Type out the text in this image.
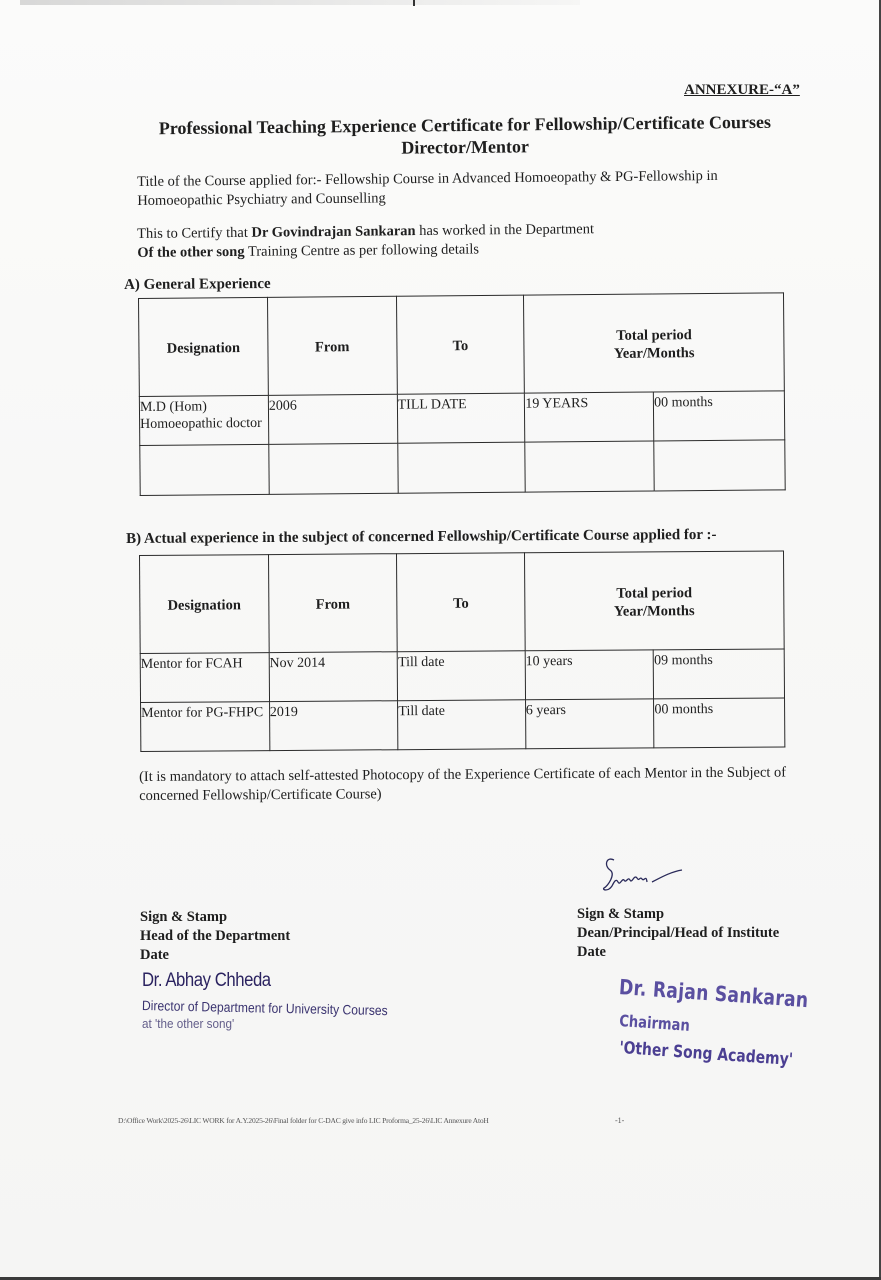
ANNEXURE-“A”
Professional Teaching Experience Certificate for Fellowship/Certificate Courses
Director/Mentor
Title of the Course applied for:- Fellowship Course in Advanced Homoeopathy & PG-Fellowship in Homoeopathic Psychiatry and Counselling
This to Certify that Dr Govindrajan Sankaran has worked in the Department
Of the other song Training Centre as per following details
A) General Experience
Designation	From	To	Total period
Year/Months	

M.D (Hom)
Homoeopathic doctor	2006	TILL DATE	19 YEARS	00 months

B) Actual experience in the subject of concerned Fellowship/Certificate Course applied for :-
Designation	From	To	Total period
Year/Months	

Mentor for FCAH	Nov 2014	Till date	10 years	09 months
Mentor for PG-FHPC	2019	Till date	6 years	00 months
(It is mandatory to attach self-attested Photocopy of the Experience Certificate of each Mentor in the Subject of concerned Fellowship/Certificate Course)
Sign & Stamp
Head of the Department
Date
Dr. Abhay Chheda
Director of Department for University Courses
at 'the other song'
Sign & Stamp
Dean/Principal/Head of Institute
Date
Dr. Rajan Sankaran
Chairman
'Other Song Academy'
D:\Office Work\2025-26\LIC WORK for A.Y.2025-26\Final folder for C-DAC give info LIC Proforma_25-26\LIC Annexure AtoH	-1-
